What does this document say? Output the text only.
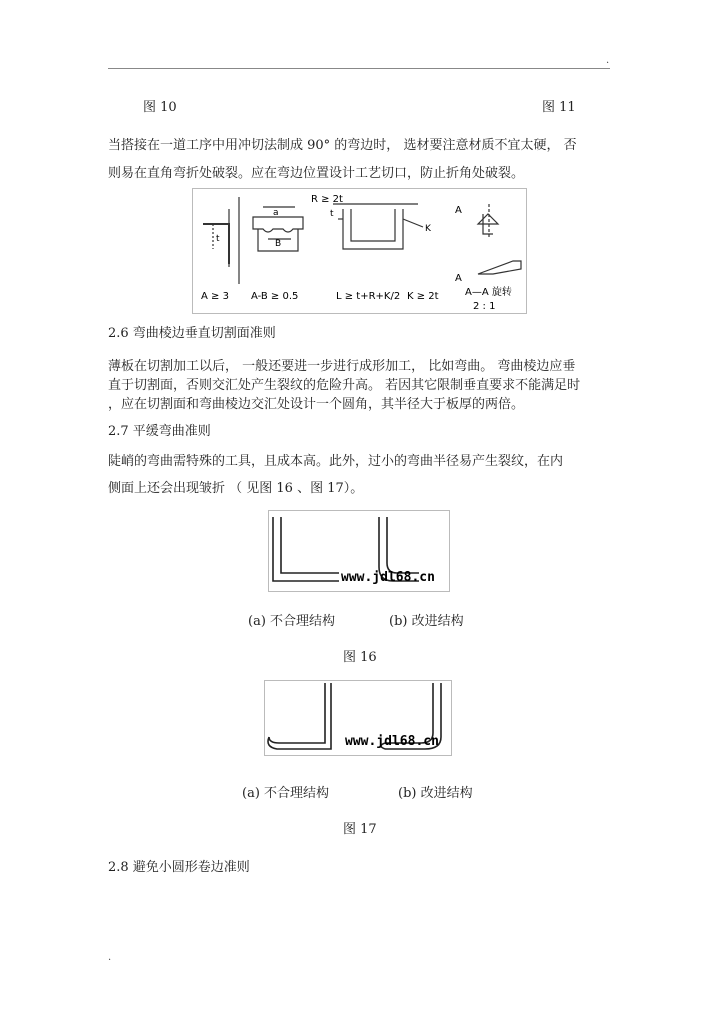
.
图 10	图 11
当搭接在一道工序中用冲切法制成 90° 的弯边时， 选材要注意材质不宜太硬， 否
则易在直角弯折处破裂。应在弯边位置设计工艺切口，防止折角处破裂。
R ≥ 2t
a
B
t
t
K
A
A
A ≥ 3 A-B ≥ 0.5	L ≥ t+R+K/2 K ≥ 2t	A—A 旋转
2 : 1
2.6 弯曲棱边垂直切割面准则
薄板在切割加工以后， 一般还要进一步进行成形加工， 比如弯曲。 弯曲棱边应垂
直于切割面，否则交汇处产生裂纹的危险升高。 若因其它限制垂直要求不能满足时
，应在切割面和弯曲棱边交汇处设计一个圆角，其半径大于板厚的两倍。
2.7 平缓弯曲准则
陡峭的弯曲需特殊的工具，且成本高。此外，过小的弯曲半径易产生裂纹，在内
侧面上还会出现皱折 （ 见图 16 、图 17）。
www.jdl68.cn
(a) 不合理结构	(b) 改进结构
图 16
www.jdl68.cn
(a) 不合理结构	(b) 改进结构
图 17
2.8 避免小圆形卷边准则
.
